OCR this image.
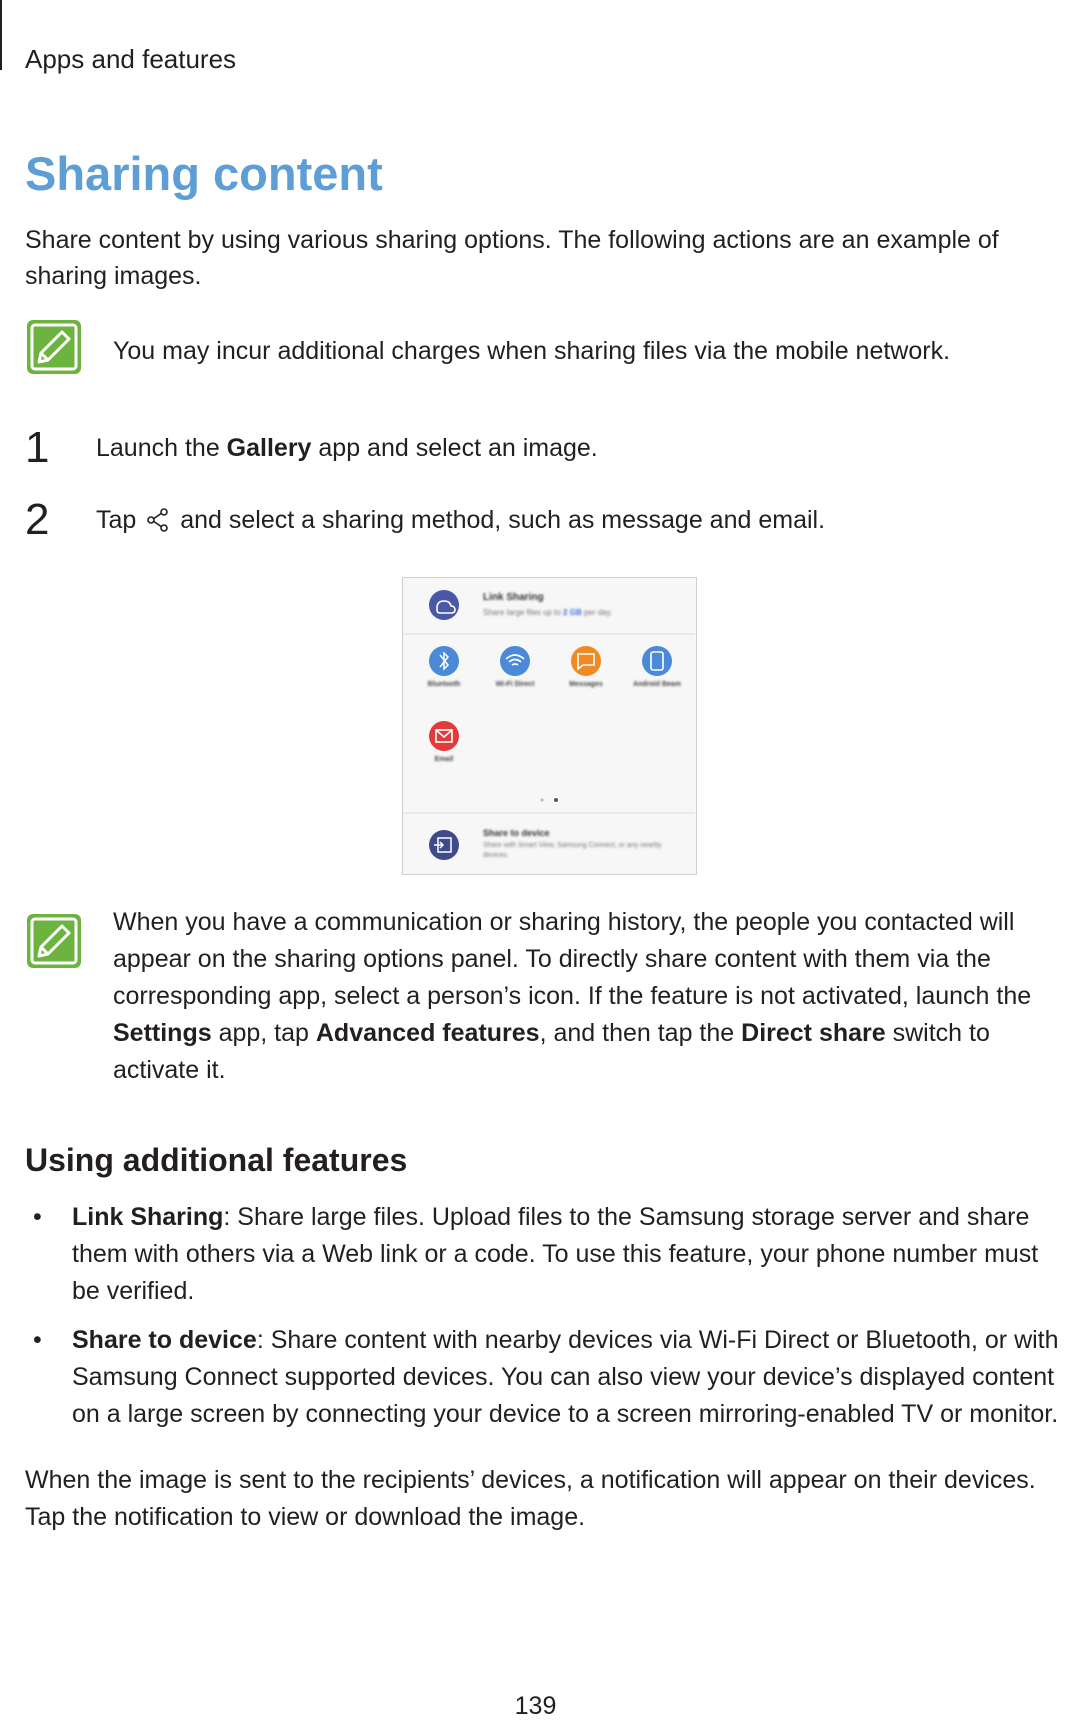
Apps and features
Sharing content

Share content by using various sharing options. The following actions are an example of sharing images.

You may incur additional charges when sharing files via the mobile network.

1	Launch the Gallery app and select an image.
2	Tap  and select a sharing method, such as message and email.
Link Sharing
Share large files up to 2 GB per day.
Bluetooth	Wi-Fi Direct	Messages	Android Beam
Email
Share to device
Share with Smart View, Samsung Connect, or any nearby devices.

When you have a communication or sharing history, the people you contacted will appear on the sharing options panel. To directly share content with them via the corresponding app, select a person’s icon. If the feature is not activated, launch the Settings app, tap Advanced features, and then tap the Direct share switch to activate it.

Using additional features
• Link Sharing: Share large files. Upload files to the Samsung storage server and share them with others via a Web link or a code. To use this feature, your phone number must be verified.
• Share to device: Share content with nearby devices via Wi-Fi Direct or Bluetooth, or with Samsung Connect supported devices. You can also view your device’s displayed content on a large screen by connecting your device to a screen mirroring-enabled TV or monitor.

When the image is sent to the recipients’ devices, a notification will appear on their devices. Tap the notification to view or download the image.

139
